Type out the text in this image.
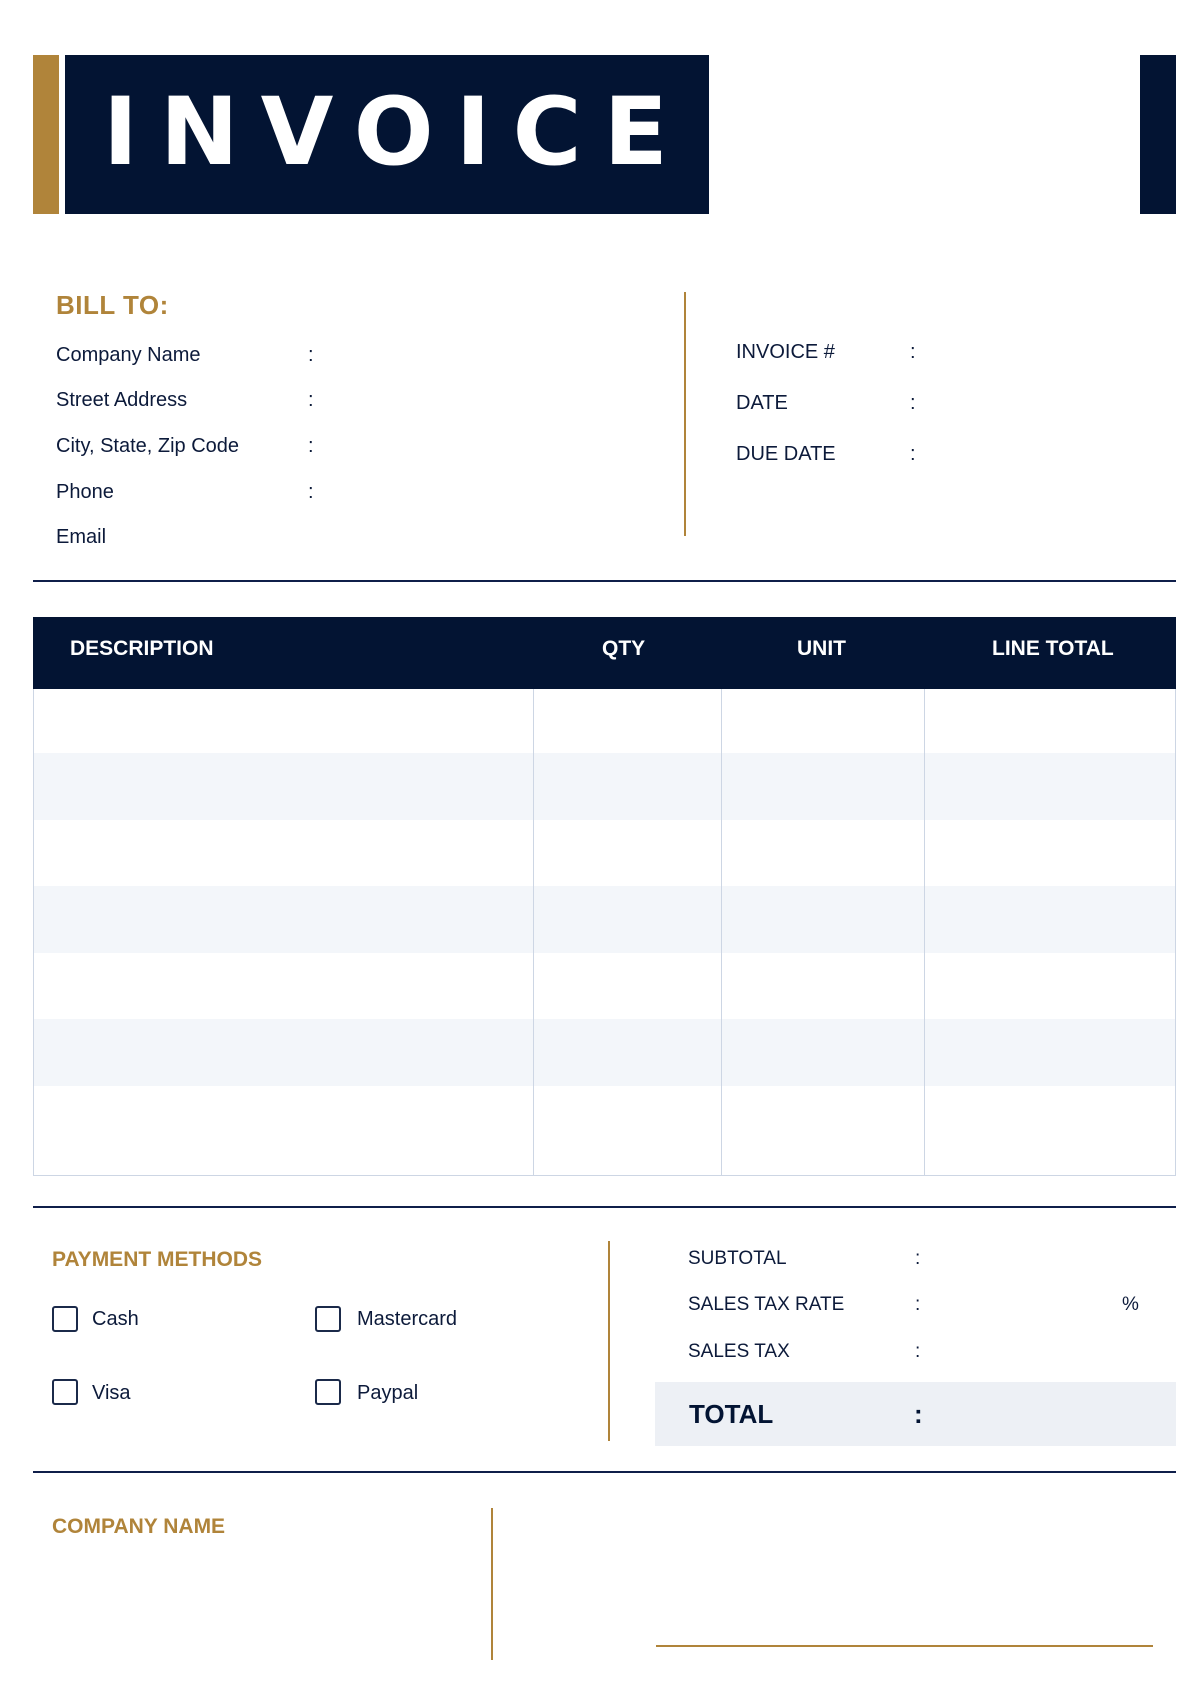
INVOICE
BILL TO:
Company Name	:
Street Address	:
City, State, Zip Code	:
Phone	:
Email
INVOICE #	:
DATE	:
DUE DATE	:
DESCRIPTION	QTY	UNIT	LINE TOTAL
PAYMENT METHODS
Cash	Mastercard
Visa	Paypal
SUBTOTAL	:
SALES TAX RATE	:	%
SALES TAX	:
TOTAL	:
COMPANY NAME
